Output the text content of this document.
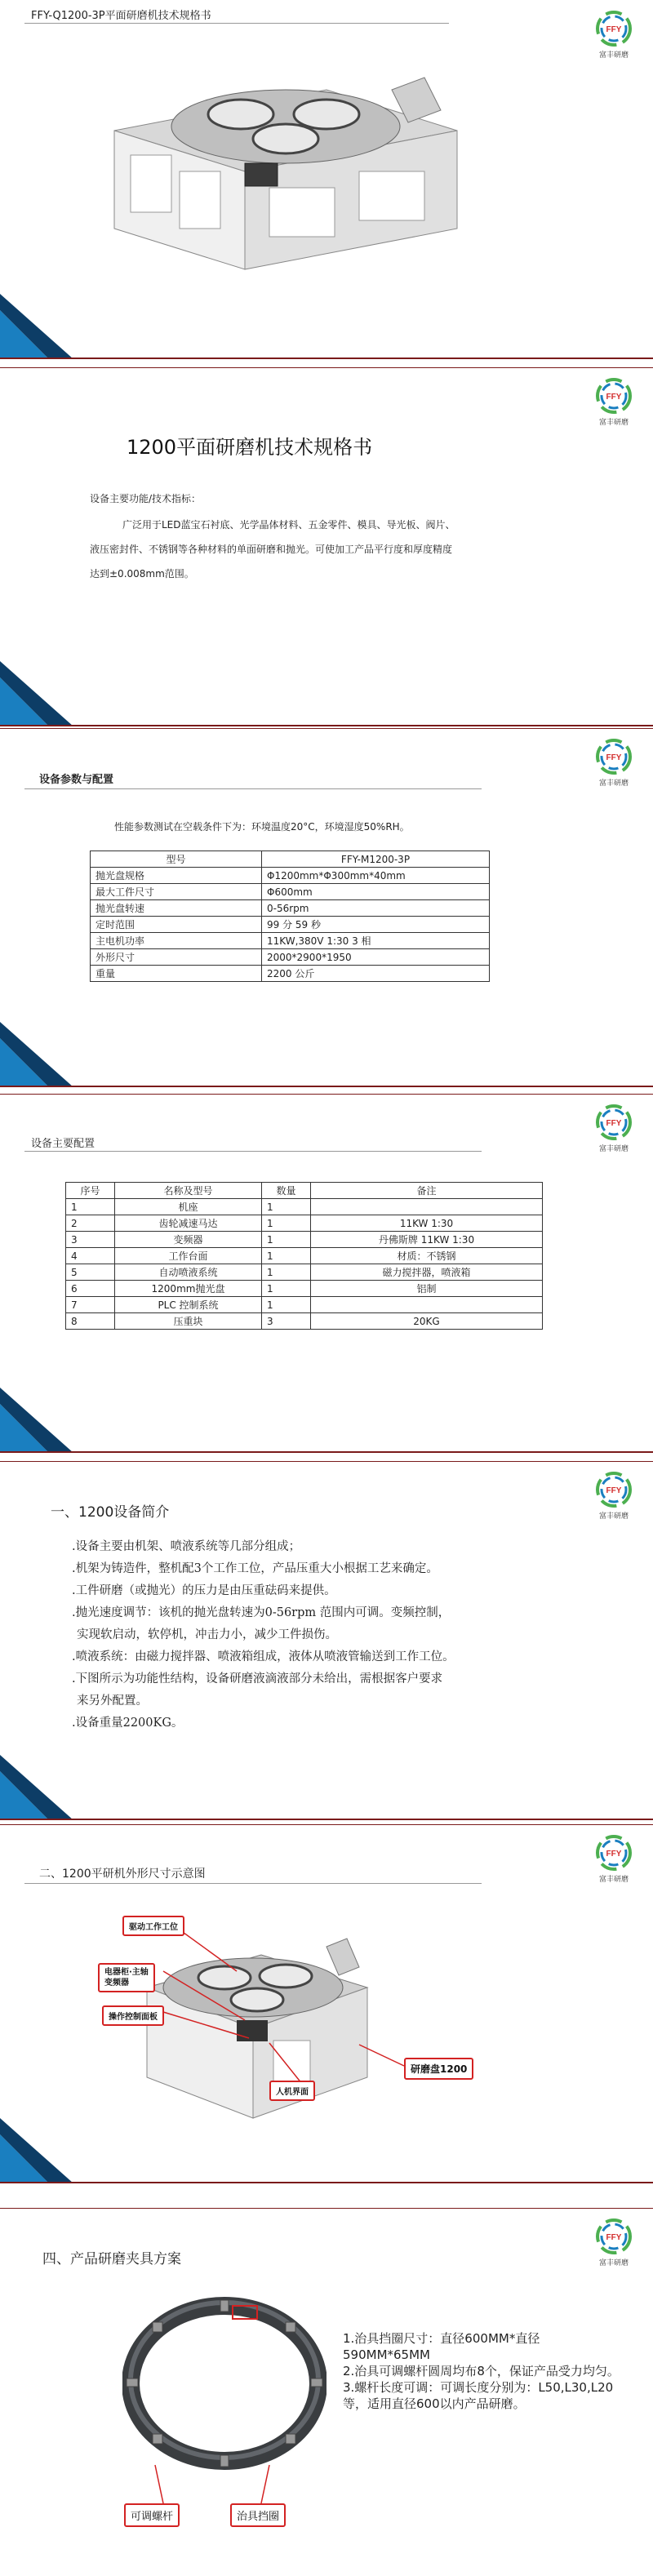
FFY-Q1200-3P平面研磨机技术规格书
FFY
富丰研磨
FFY
富丰研磨
1200平面研磨机技术规格书
设备主要功能/技术指标：
广泛用于LED蓝宝石衬底、光学晶体材料、五金零件、模具、导光板、阀片、
液压密封件、不锈钢等各种材料的单面研磨和抛光。可使加工产品平行度和厚度精度
达到±0.008mm范围。
设备参数与配置
FFY
富丰研磨
性能参数测试在空载条件下为：环境温度20°C，环境湿度50%RH。
型号	FFY-M1200-3P
抛光盘规格	Φ1200mm*Φ300mm*40mm
最大工件尺寸	Φ600mm
抛光盘转速	0-56rpm
定时范围	99 分 59 秒
主电机功率	11KW,380V 1:30 3 相
外形尺寸	2000*2900*1950
重量	2200 公斤
设备主要配置
FFY
富丰研磨
序号	名称及型号	数量	备注
1	机座	1	
2	齿轮减速马达	1	11KW 1:30
3	变频器	1	丹佛斯牌 11KW 1:30
4	工作台面	1	材质：不锈钢
5	自动喷液系统	1	磁力搅拌器，喷液箱
6	1200mm抛光盘	1	铝制
7	PLC 控制系统	1	
8	压重块	3	20KG
一、1200设备简介
FFY
富丰研磨
.设备主要由机架、喷液系统等几部分组成；
.机架为铸造件，整机配3个工作工位，产品压重大小根据工艺来确定。
.工件研磨（或抛光）的压力是由压重砝码来提供。
.抛光速度调节：该机的抛光盘转速为0-56rpm 范围内可调。变频控制，
实现软启动，软停机，冲击力小，减少工件损伤。
.喷液系统：由磁力搅拌器、喷液箱组成，液体从喷液管输送到工作工位。
.下图所示为功能性结构，设备研磨液滴液部分未给出，需根据客户要求
来另外配置。
.设备重量2200KG。
二、1200平研机外形尺寸示意图
FFY
富丰研磨
驱动工作工位
电器柜·主轴
变频器
操作控制面板
人机界面
研磨盘1200
四、产品研磨夹具方案
FFY
富丰研磨
可调螺杆	治具挡圈
1.治具挡圈尺寸：直径600MM*直径590MM*65MM
2.治具可调螺杆圆周均布8个，保证产品受力均匀。
3.螺杆长度可调：可调长度分别为：L50,L30,L20等，适用直径600以内产品研磨。
